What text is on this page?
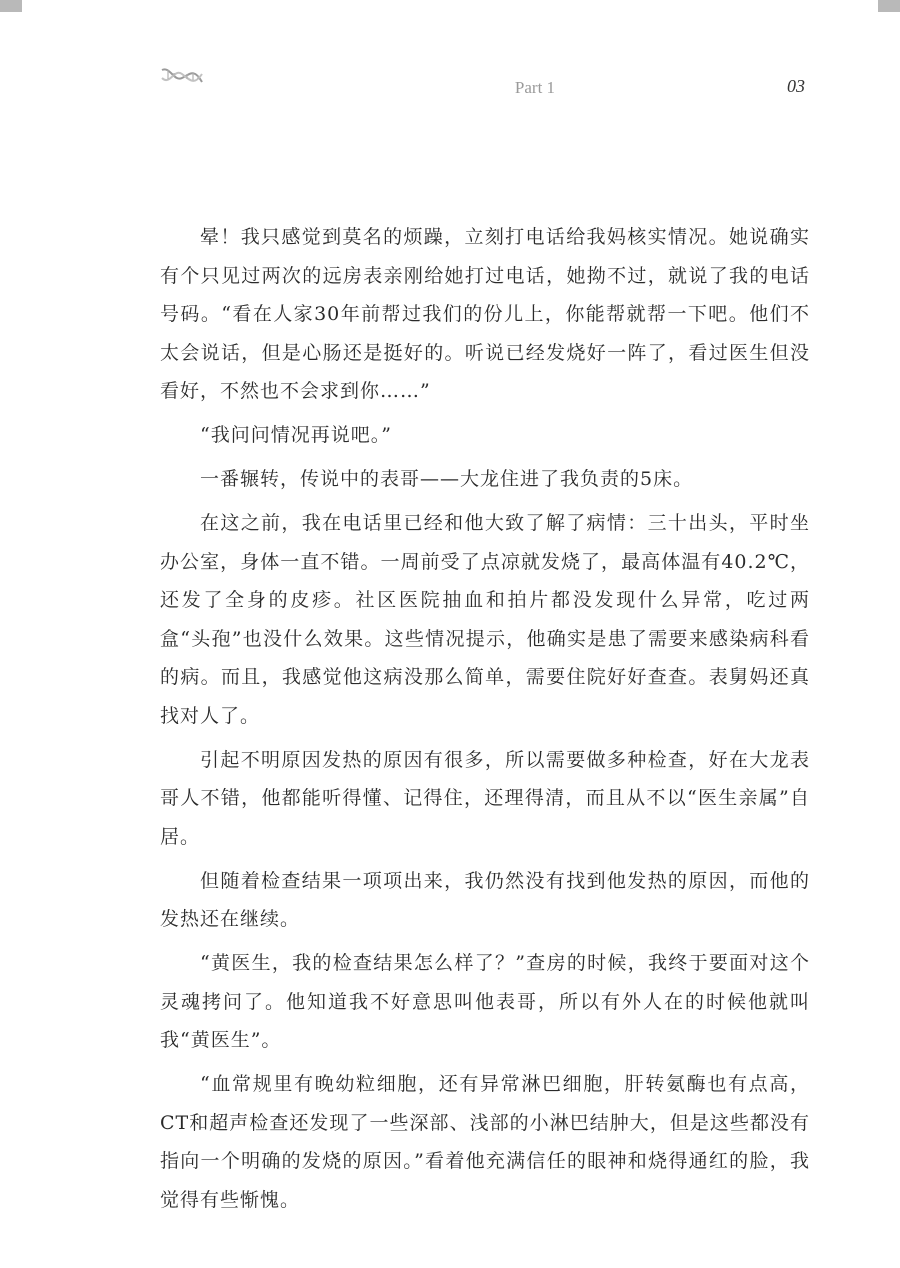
Part 1	03

晕！我只感觉到莫名的烦躁，立刻打电话给我妈核实情况。她说确实有个只见过两次的远房表亲刚给她打过电话，她拗不过，就说了我的电话号码。“看在人家30年前帮过我们的份儿上，你能帮就帮一下吧。他们不太会说话，但是心肠还是挺好的。听说已经发烧好一阵了，看过医生但没看好，不然也不会求到你……”

“我问问情况再说吧。”

一番辗转，传说中的表哥——大龙住进了我负责的5床。

在这之前，我在电话里已经和他大致了解了病情：三十出头，平时坐办公室，身体一直不错。一周前受了点凉就发烧了，最高体温有40.2℃，还发了全身的皮疹。社区医院抽血和拍片都没发现什么异常，吃过两盒“头孢”也没什么效果。这些情况提示，他确实是患了需要来感染病科看的病。而且，我感觉他这病没那么简单，需要住院好好查查。表舅妈还真找对人了。

引起不明原因发热的原因有很多，所以需要做多种检查，好在大龙表哥人不错，他都能听得懂、记得住，还理得清，而且从不以“医生亲属”自居。

但随着检查结果一项项出来，我仍然没有找到他发热的原因，而他的发热还在继续。

“黄医生，我的检查结果怎么样了？”查房的时候，我终于要面对这个灵魂拷问了。他知道我不好意思叫他表哥，所以有外人在的时候他就叫我“黄医生”。

“血常规里有晚幼粒细胞，还有异常淋巴细胞，肝转氨酶也有点高，CT和超声检查还发现了一些深部、浅部的小淋巴结肿大，但是这些都没有指向一个明确的发烧的原因。”看着他充满信任的眼神和烧得通红的脸，我觉得有些惭愧。
